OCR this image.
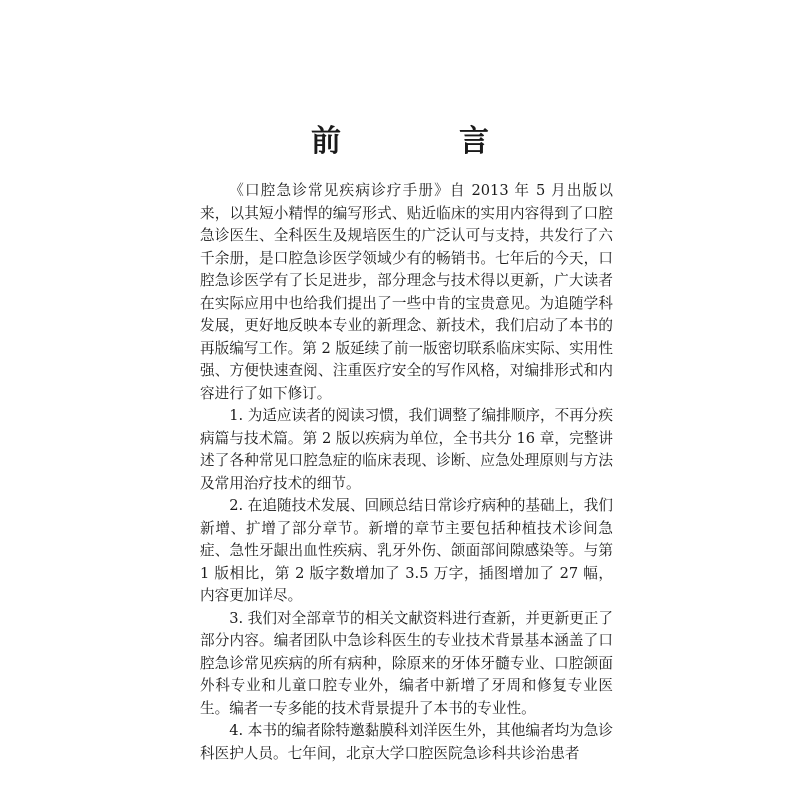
前　言

《口腔急诊常见疾病诊疗手册》自 2013 年 5 月出版以来，以其短小精悍的编写形式、贴近临床的实用内容得到了口腔急诊医生、全科医生及规培医生的广泛认可与支持，共发行了六千余册，是口腔急诊医学领域少有的畅销书。七年后的今天，口腔急诊医学有了长足进步，部分理念与技术得以更新，广大读者在实际应用中也给我们提出了一些中肯的宝贵意见。为追随学科发展，更好地反映本专业的新理念、新技术，我们启动了本书的再版编写工作。第 2 版延续了前一版密切联系临床实际、实用性强、方便快速查阅、注重医疗安全的写作风格，对编排形式和内容进行了如下修订。

1. 为适应读者的阅读习惯，我们调整了编排顺序，不再分疾病篇与技术篇。第 2 版以疾病为单位，全书共分 16 章，完整讲述了各种常见口腔急症的临床表现、诊断、应急处理原则与方法及常用治疗技术的细节。

2. 在追随技术发展、回顾总结日常诊疗病种的基础上，我们新增、扩增了部分章节。新增的章节主要包括种植技术诊间急症、急性牙龈出血性疾病、乳牙外伤、颌面部间隙感染等。与第 1 版相比，第 2 版字数增加了 3.5 万字，插图增加了 27 幅，内容更加详尽。

3. 我们对全部章节的相关文献资料进行查新，并更新更正了部分内容。编者团队中急诊科医生的专业技术背景基本涵盖了口腔急诊常见疾病的所有病种，除原来的牙体牙髓专业、口腔颌面外科专业和儿童口腔专业外，编者中新增了牙周和修复专业医生。编者一专多能的技术背景提升了本书的专业性。

4. 本书的编者除特邀黏膜科刘洋医生外，其他编者均为急诊科医护人员。七年间，北京大学口腔医院急诊科共诊治患者
